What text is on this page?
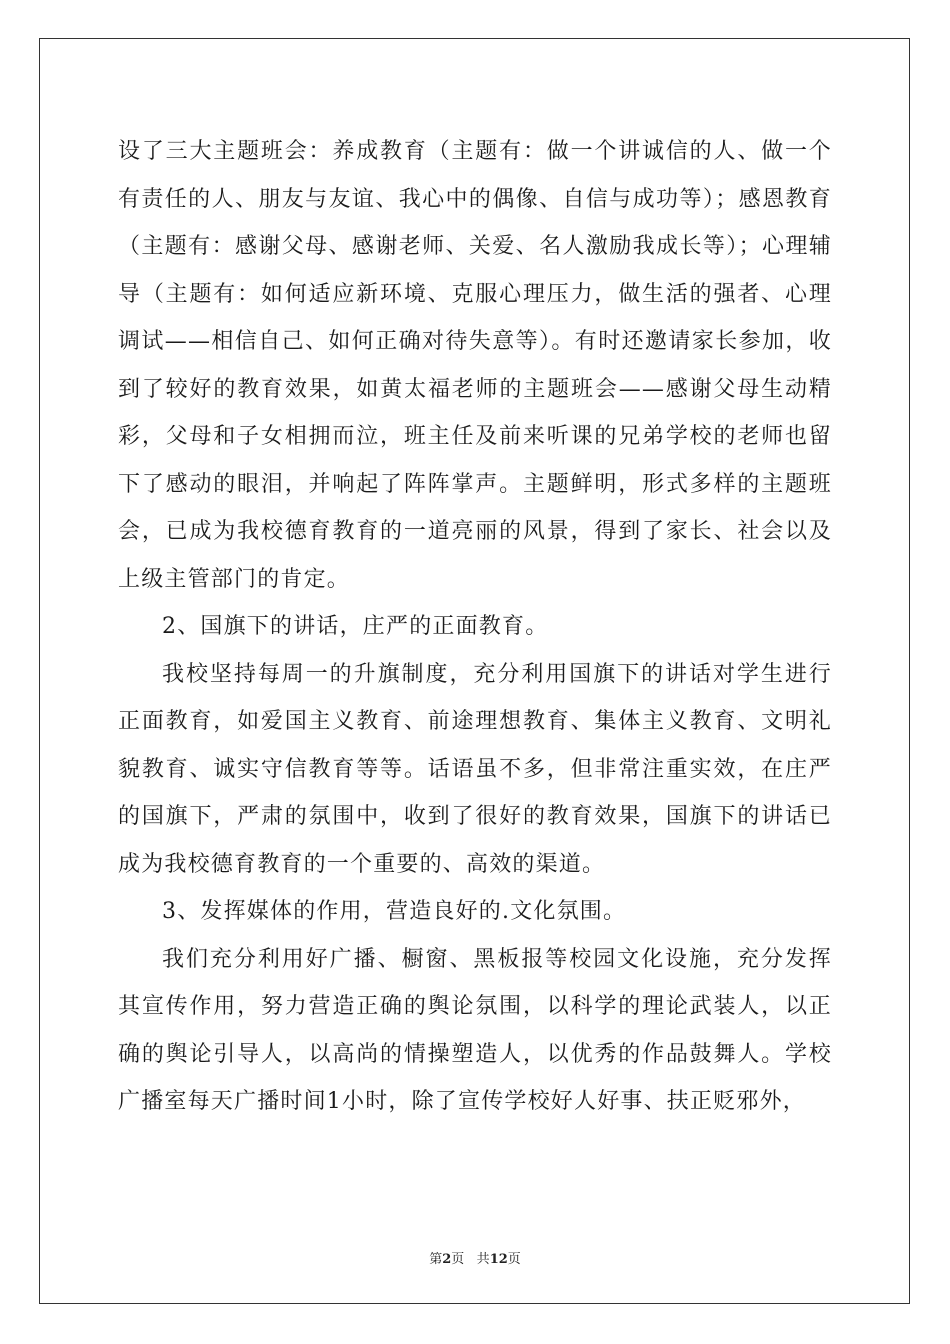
设了三大主题班会：养成教育（主题有：做一个讲诚信的人、做一个有责任的人、朋友与友谊、我心中的偶像、自信与成功等）；感恩教育（主题有：感谢父母、感谢老师、关爱、名人激励我成长等）；心理辅导（主题有：如何适应新环境、克服心理压力，做生活的强者、心理调试——相信自己、如何正确对待失意等）。有时还邀请家长参加，收到了较好的教育效果，如黄太福老师的主题班会——感谢父母生动精彩，父母和子女相拥而泣，班主任及前来听课的兄弟学校的老师也留下了感动的眼泪，并响起了阵阵掌声。主题鲜明，形式多样的主题班会，已成为我校德育教育的一道亮丽的风景，得到了家长、社会以及上级主管部门的肯定。

2、国旗下的讲话，庄严的正面教育。

我校坚持每周一的升旗制度，充分利用国旗下的讲话对学生进行正面教育，如爱国主义教育、前途理想教育、集体主义教育、文明礼貌教育、诚实守信教育等等。话语虽不多，但非常注重实效，在庄严的国旗下，严肃的氛围中，收到了很好的教育效果，国旗下的讲话已成为我校德育教育的一个重要的、高效的渠道。

3、发挥媒体的作用，营造良好的.文化氛围。

我们充分利用好广播、橱窗、黑板报等校园文化设施，充分发挥其宣传作用，努力营造正确的舆论氛围，以科学的理论武装人，以正确的舆论引导人，以高尚的情操塑造人，以优秀的作品鼓舞人。学校广播室每天广播时间1小时，除了宣传学校好人好事、扶正贬邪外，

第2页 共12页
